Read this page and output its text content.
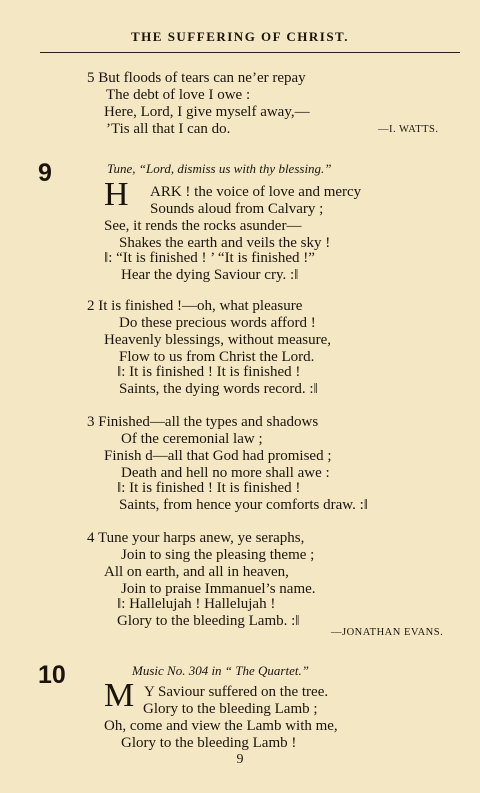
THE SUFFERING OF CHRIST.
5 But floods of tears can ne’er repay
The debt of love I owe :
Here, Lord, I give myself away,—
’Tis all that I can do.	—I. WATTS.
9	Tune, “Lord, dismiss us with thy blessing.”
H ARK ! the voice of love and mercy
Sounds aloud from Calvary ;
See, it rends the rocks asunder—
Shakes the earth and veils the sky !
‖: “It is finished ! ’ “It is finished !”
Hear the dying Saviour cry. :‖
2 It is finished !—oh, what pleasure
Do these precious words afford !
Heavenly blessings, without measure,
Flow to us from Christ the Lord.
‖: It is finished ! It is finished !
Saints, the dying words record. :‖
3 Finished—all the types and shadows
Of the ceremonial law ;
Finish d—all that God had promised ;
Death and hell no more shall awe :
‖: It is finished ! It is finished !
Saints, from hence your comforts draw. :‖
4 Tune your harps anew, ye seraphs,
Join to sing the pleasing theme ;
All on earth, and all in heaven,
Join to praise Immanuel’s name.
‖: Hallelujah ! Hallelujah !
Glory to the bleeding Lamb. :‖
—JONATHAN EVANS.
10	Music No. 304 in “ The Quartet.”
M Y Saviour suffered on the tree.
Glory to the bleeding Lamb ;
Oh, come and view the Lamb with me,
Glory to the bleeding Lamb !
9
